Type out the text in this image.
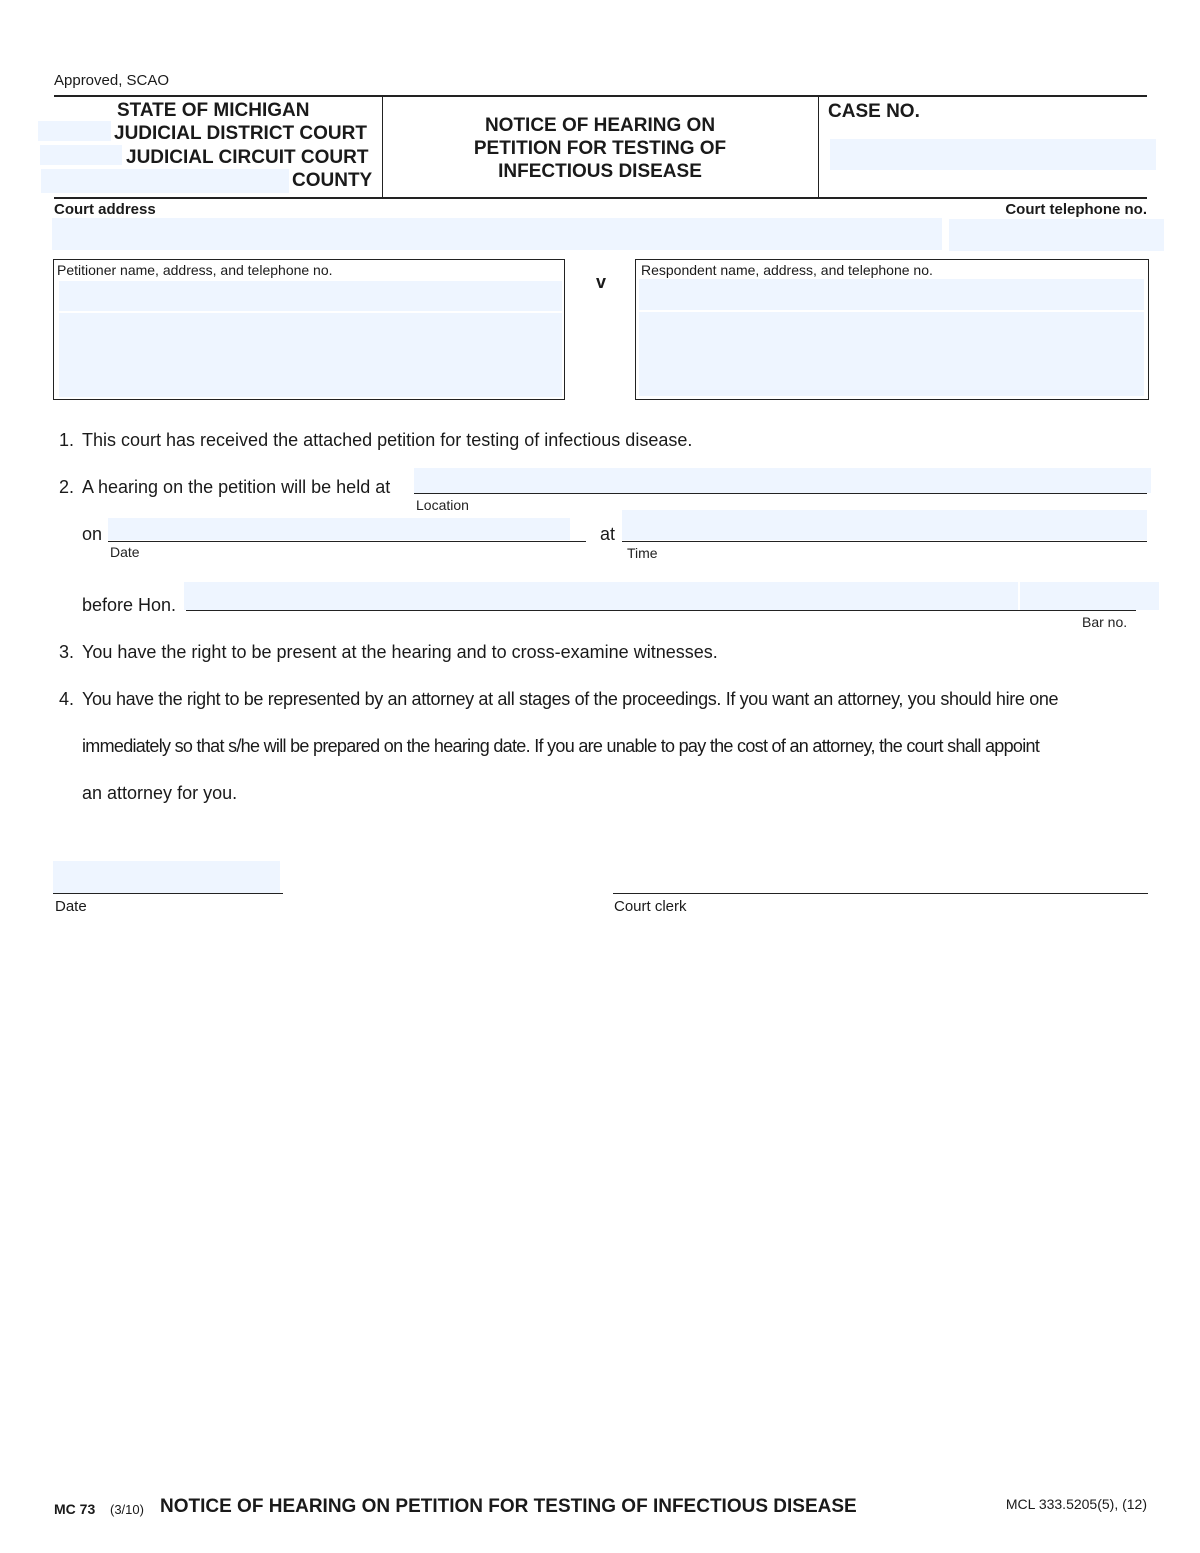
Approved, SCAO
STATE OF MICHIGAN
JUDICIAL DISTRICT COURT
JUDICIAL CIRCUIT COURT
COUNTY
NOTICE OF HEARING ON
PETITION FOR TESTING OF
INFECTIOUS DISEASE
CASE NO.
Court address	Court telephone no.
Petitioner name, address, and telephone no.
v
Respondent name, address, and telephone no.
1. This court has received the attached petition for testing of infectious disease.
2. A hearing on the petition will be held at
Location
on
Date
at
Time
before Hon.
Bar no.
3. You have the right to be present at the hearing and to cross-examine witnesses.
4. You have the right to be represented by an attorney at all stages of the proceedings. If you want an attorney, you should hire one
immediately so that s/he will be prepared on the hearing date. If you are unable to pay the cost of an attorney, the court shall appoint
an attorney for you.
Date	Court clerk
MC 73 (3/10) NOTICE OF HEARING ON PETITION FOR TESTING OF INFECTIOUS DISEASE	MCL 333.5205(5), (12)
